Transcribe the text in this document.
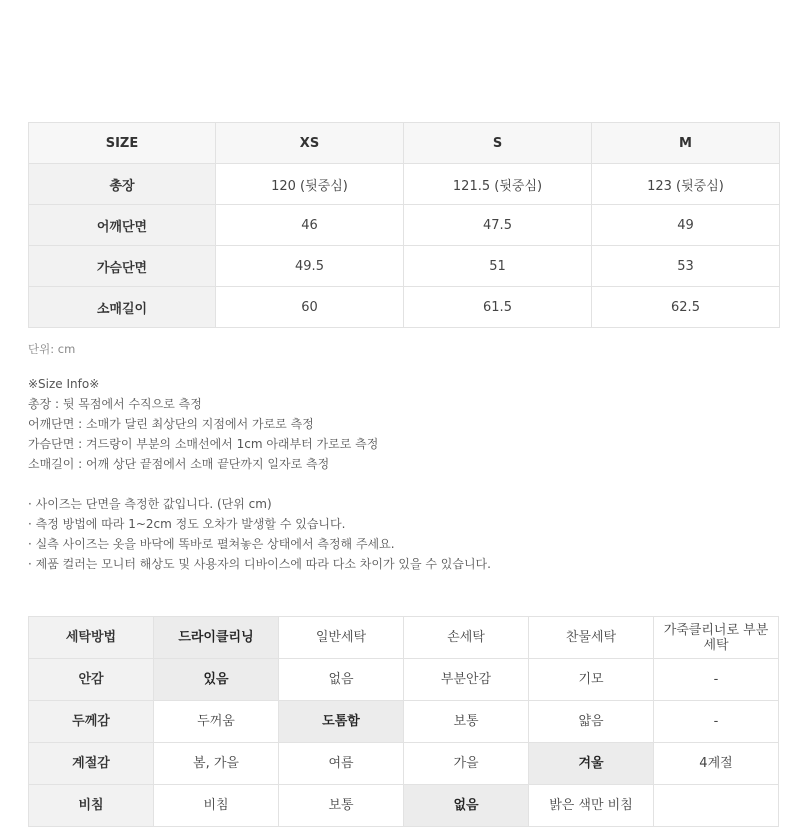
SIZE	XS	S	M
총장	120 (뒷중심)	121.5 (뒷중심)	123 (뒷중심)
어깨단면	46	47.5	49
가슴단면	49.5	51	53
소매길이	60	61.5	62.5
단위: cm
※Size Info※
총장 : 뒷 목점에서 수직으로 측정
어깨단면 : 소매가 달린 최상단의 지점에서 가로로 측정
가슴단면 : 겨드랑이 부분의 소매선에서 1cm 아래부터 가로로 측정
소매길이 : 어깨 상단 끝점에서 소매 끝단까지 일자로 측정
· 사이즈는 단면을 측정한 값입니다. (단위 cm)
· 측정 방법에 따라 1~2cm 정도 오차가 발생할 수 있습니다.
· 실측 사이즈는 옷을 바닥에 똑바로 펼쳐놓은 상태에서 측정해 주세요.
· 제품 컬러는 모니터 해상도 및 사용자의 디바이스에 따라 다소 차이가 있을 수 있습니다.
세탁방법	드라이클리닝	일반세탁	손세탁	찬물세탁	가죽클리너로 부분세탁
안감	있음	없음	부분안감	기모	-
두께감	두꺼움	도톰함	보통	얇음	-
계절감	봄, 가을	여름	가을	겨울	4계절
비침	비침	보통	없음	밝은 색만 비침	
